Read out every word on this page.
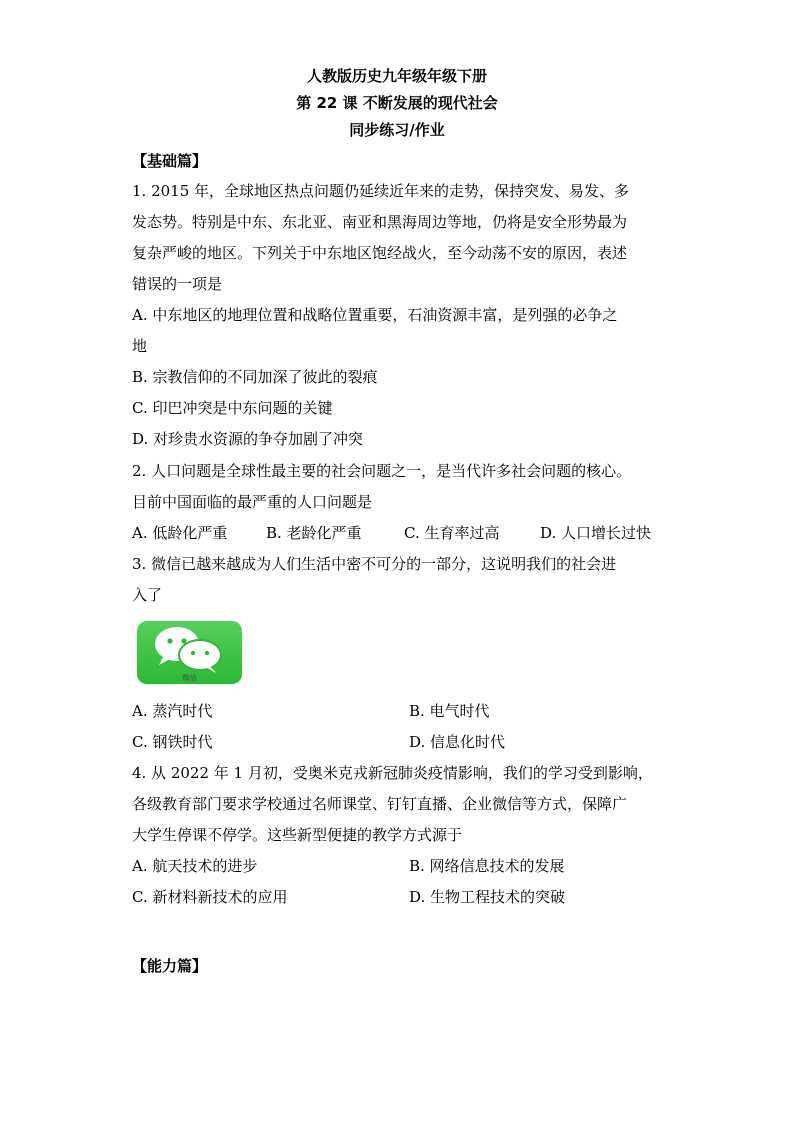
人教版历史九年级年级下册
第 22 课 不断发展的现代社会
同步练习/作业
【基础篇】
1. 2015 年，全球地区热点问题仍延续近年来的走势，保持突发、易发、多
发态势。特别是中东、东北亚、南亚和黑海周边等地，仍将是安全形势最为
复杂严峻的地区。下列关于中东地区饱经战火，至今动荡不安的原因，表述
错误的一项是
A. 中东地区的地理位置和战略位置重要，石油资源丰富，是列强的必争之
地
B. 宗教信仰的不同加深了彼此的裂痕
C. 印巴冲突是中东问题的关键
D. 对珍贵水资源的争夺加剧了冲突
2. 人口问题是全球性最主要的社会问题之一，是当代许多社会问题的核心。
目前中国面临的最严重的人口问题是
A. 低龄化严重	B. 老龄化严重	C. 生育率过高	D. 人口增长过快
3. 微信已越来越成为人们生活中密不可分的一部分，这说明我们的社会进
入了
微信
A. 蒸汽时代	B. 电气时代
C. 钢铁时代	D. 信息化时代
4. 从 2022 年 1 月初，受奥米克戎新冠肺炎疫情影响，我们的学习受到影响，
各级教育部门要求学校通过名师课堂、钉钉直播、企业微信等方式，保障广
大学生停课不停学。这些新型便捷的教学方式源于
A. 航天技术的进步	B. 网络信息技术的发展
C. 新材料新技术的应用	D. 生物工程技术的突破
【能力篇】
